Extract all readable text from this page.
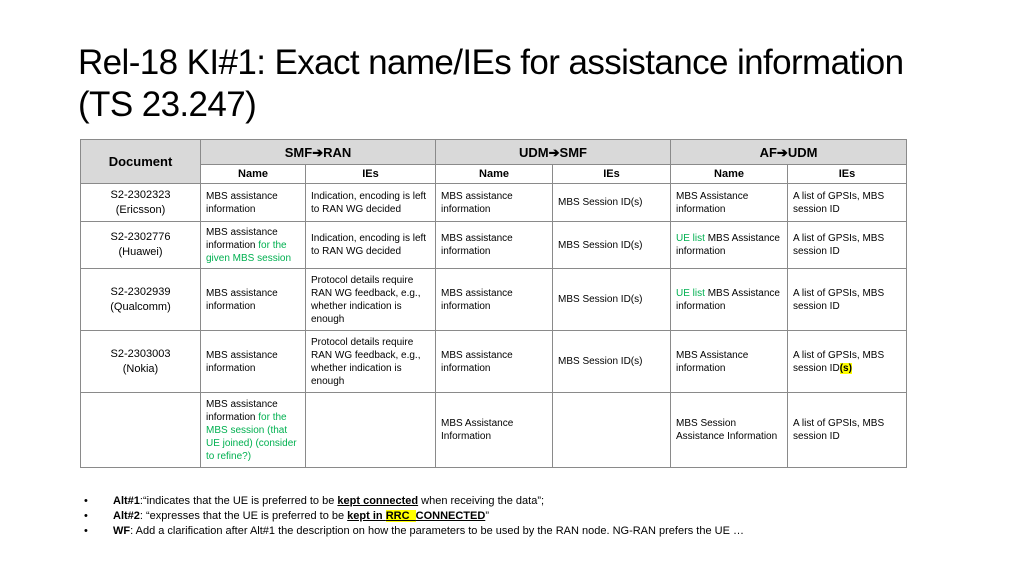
Rel-18 KI#1: Exact name/IEs for assistance information
(TS 23.247)
Document	SMF➔RAN		UDM➔SMF		AF➔UDM	
	Name	IEs	Name	IEs	Name	IEs

S2-2302323
(Ericsson)	MBS assistance information	Indication, encoding is left to RAN WG decided	MBS assistance information	MBS Session ID(s)	MBS Assistance information	A list of GPSIs, MBS session ID

S2-2302776
(Huawei)	MBS assistance information for the given MBS session	Indication, encoding is left to RAN WG decided	MBS assistance information	MBS Session ID(s)	UE list MBS Assistance information	A list of GPSIs, MBS session ID

S2-2302939
(Qualcomm)	MBS assistance information	Protocol details require RAN WG feedback, e.g., whether indication is enough	MBS assistance information	MBS Session ID(s)	UE list MBS Assistance information	A list of GPSIs, MBS session ID

S2-2303003
(Nokia)	MBS assistance information	Protocol details require RAN WG feedback, e.g., whether indication is enough	MBS assistance information	MBS Session ID(s)	MBS Assistance information	A list of GPSIs, MBS session ID(s)

	MBS assistance information for the MBS session (that UE joined) (consider to refine?)		MBS Assistance Information		MBS Session Assistance Information	A list of GPSIs, MBS session ID
• Alt#1:“indicates that the UE is preferred to be kept connected when receiving the data”;
• Alt#2: “expresses that the UE is preferred to be kept in RRC_CONNECTED”
• WF: Add a clarification after Alt#1 the description on how the parameters to be used by the RAN node. NG-RAN prefers the UE …
